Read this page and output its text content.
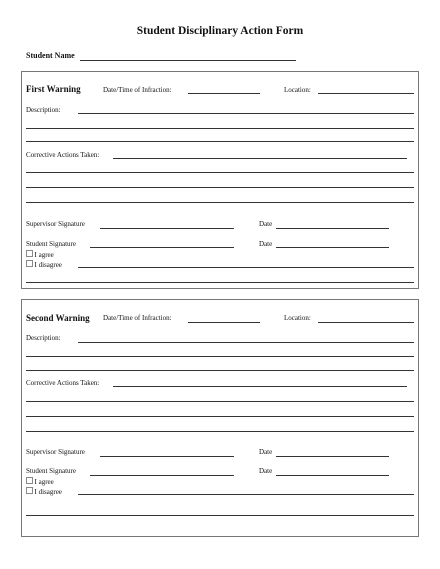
Student Disciplinary Action Form
Student Name
First Warning	Date/Time of Infraction:	Location:
Description:
Corrective Actions Taken:
Supervisor Signature	Date
Student Signature	Date
I agree
I disagree
Second Warning Date/Time of Infraction:	Location:
Description:
Corrective Actions Taken:
Supervisor Signature	Date
Student Signature	Date
I agree
I disagree
